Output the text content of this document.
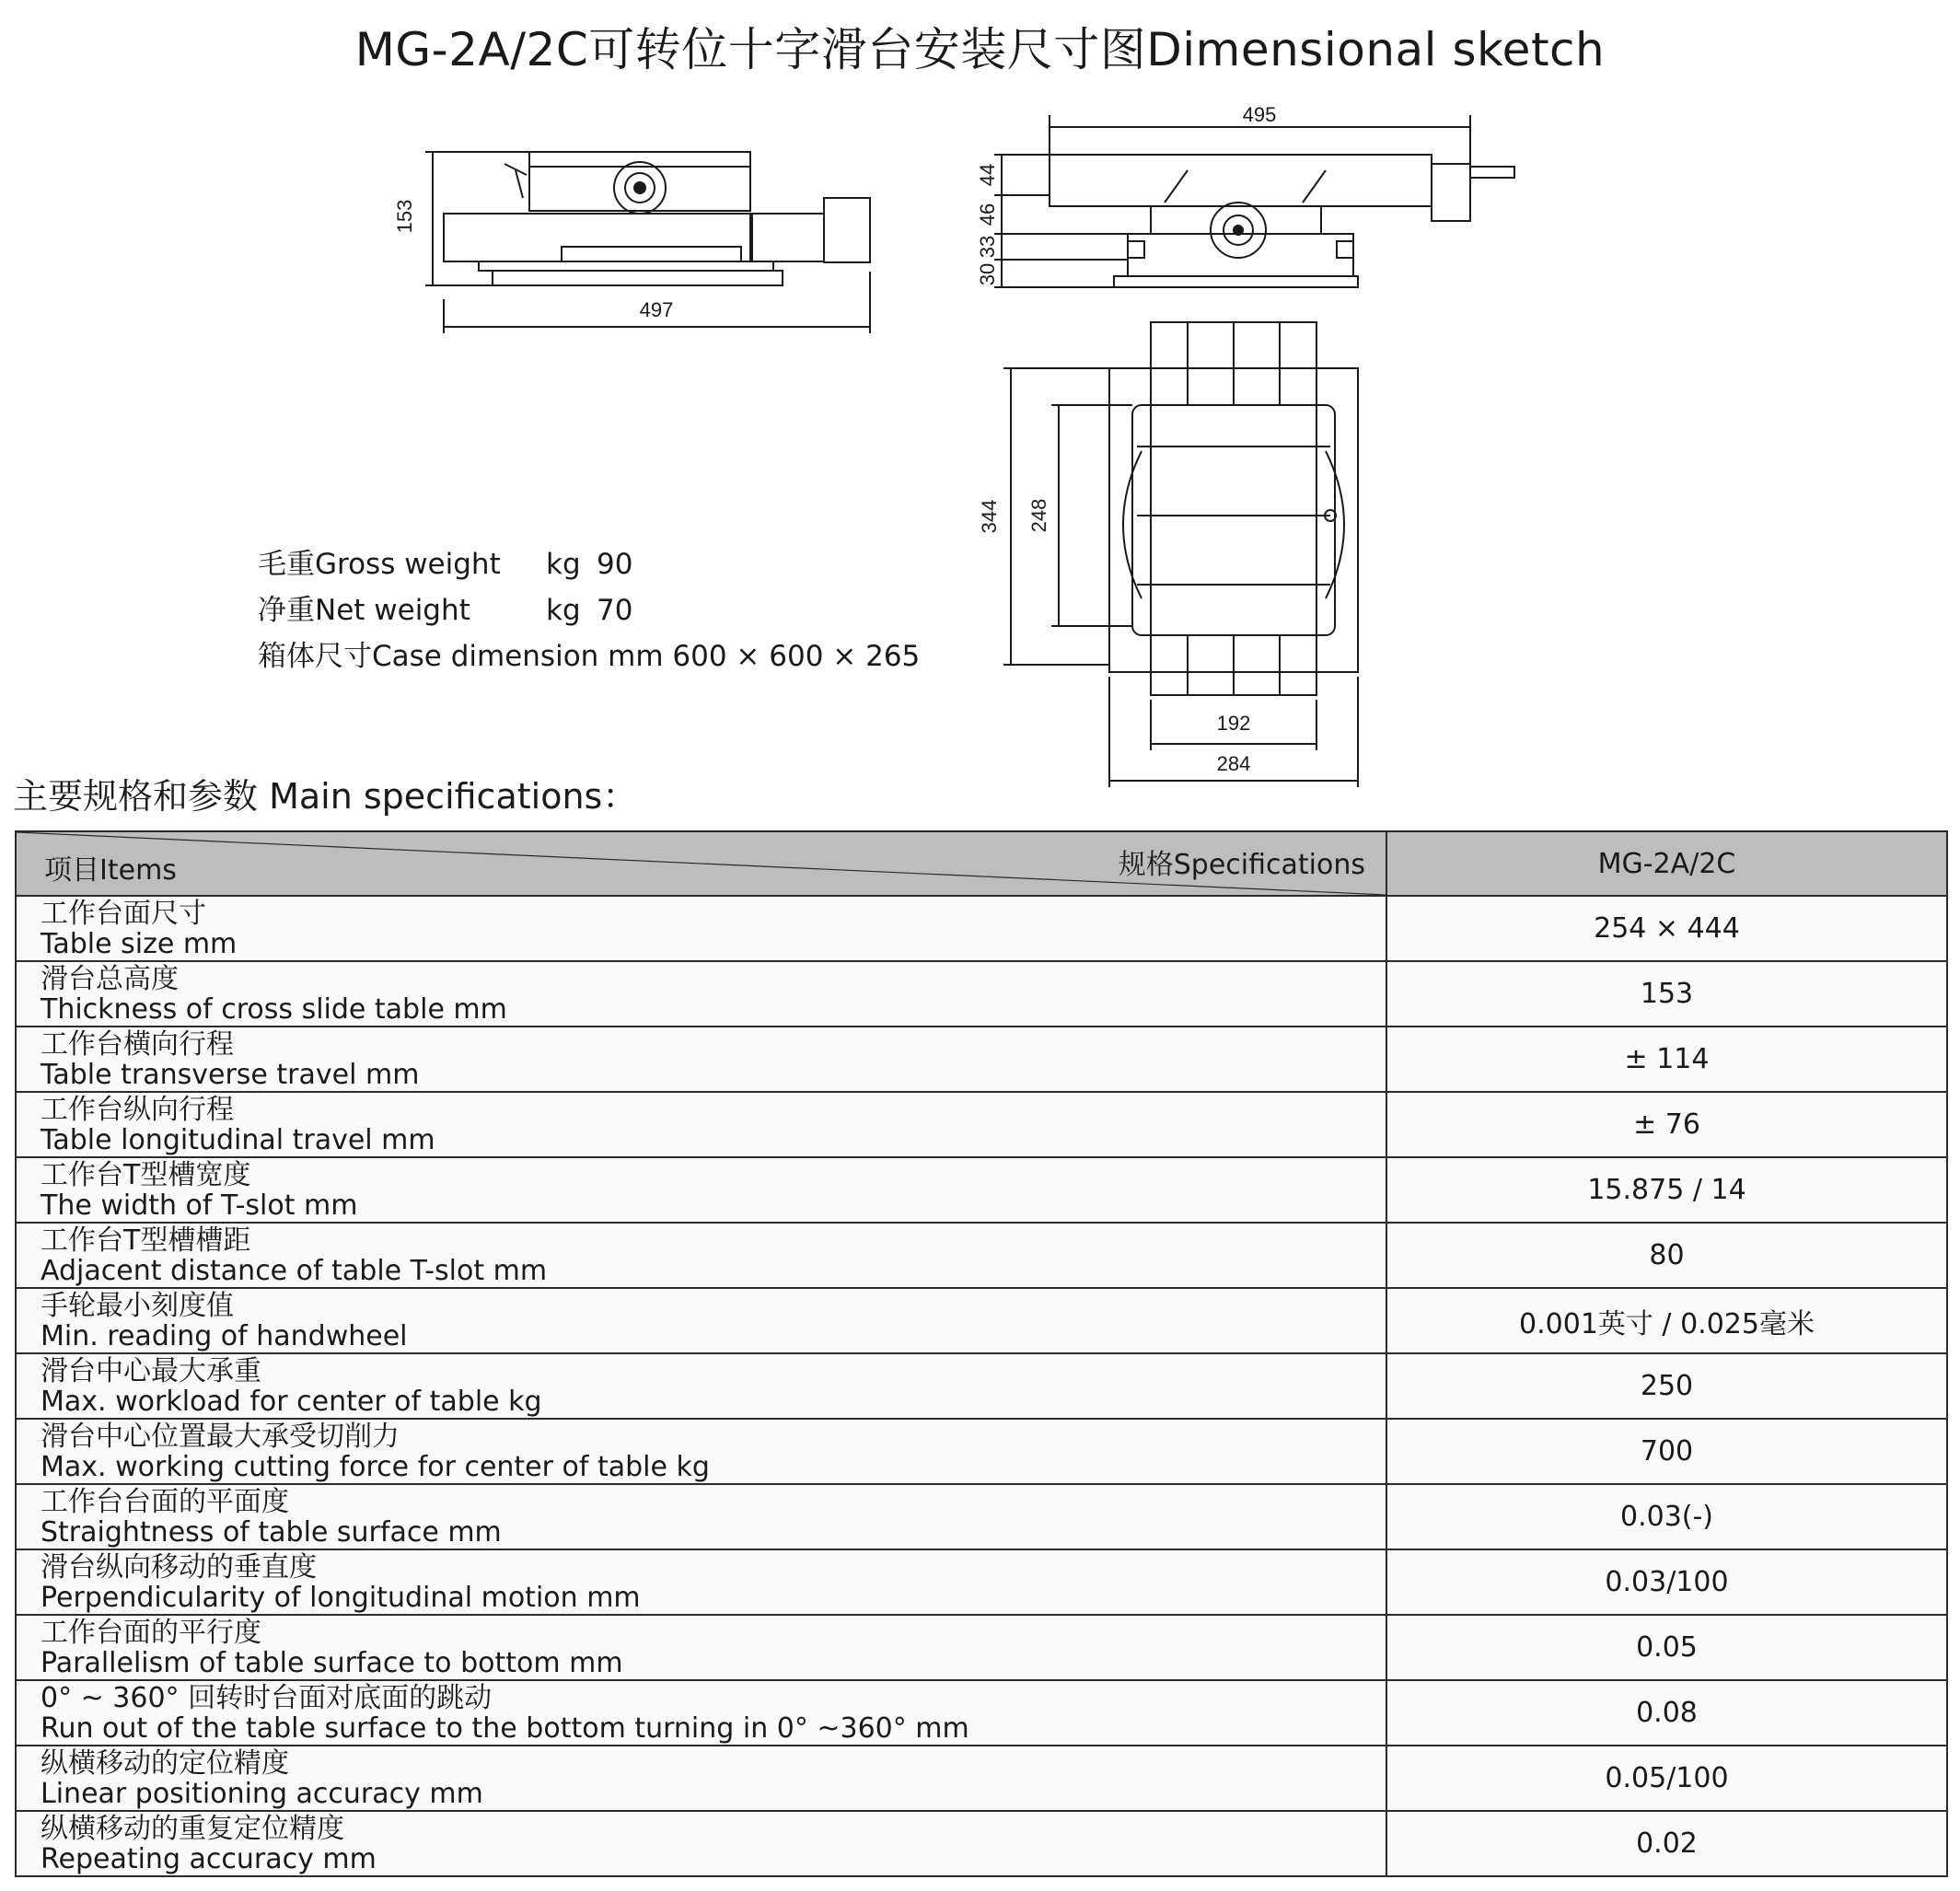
MG-2A/2C可转位十字滑台安装尺寸图Dimensional sketch
153
497
495
44
46
33
30
344 248
192
284
毛重Gross weight kg 90
净重Net weight	kg 70
箱体尺寸Case dimension mm 600 × 600 × 265
主要规格和参数 Main specifications：
项目Items 规格Specifications	MG-2A/2C

工作台面尺寸
Table size mm	254 × 444

滑台总高度
Thickness of cross slide table mm	153

工作台横向行程
Table transverse travel mm	± 114

工作台纵向行程
Table longitudinal travel mm	± 76

工作台T型槽宽度
The width of T-slot mm	15.875 / 14

工作台T型槽槽距
Adjacent distance of table T-slot mm	80

手轮最小刻度值
Min. reading of handwheel	0.001英寸 / 0.025毫米

滑台中心最大承重
Max. workload for center of table kg	250

滑台中心位置最大承受切削力
Max. working cutting force for center of table kg	700

工作台台面的平面度
Straightness of table surface mm	0.03(-)

滑台纵向移动的垂直度
Perpendicularity of longitudinal motion mm	0.03/100

工作台面的平行度
Parallelism of table surface to bottom mm	0.05

0° ~ 360° 回转时台面对底面的跳动
Run out of the table surface to the bottom turning in 0° ~360° mm	0.08

纵横移动的定位精度
Linear positioning accuracy mm	0.05/100

纵横移动的重复定位精度
Repeating accuracy mm	0.02
